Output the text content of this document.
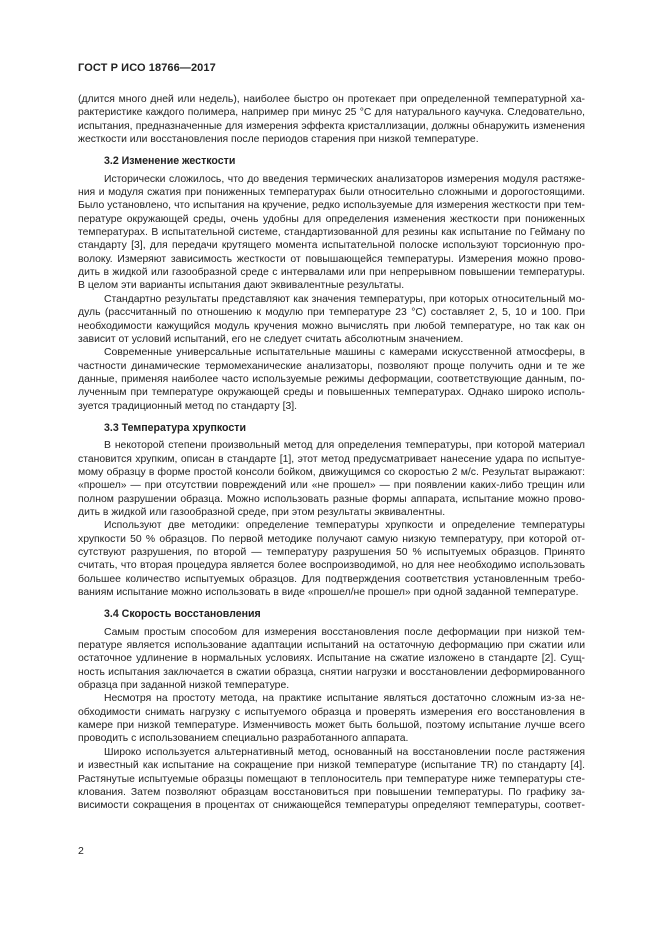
ГОСТ Р ИСО 18766—2017
(длится много дней или недель), наиболее быстро он протекает при определенной температурной ха-
рактеристике каждого полимера, например при минус 25 °С для натурального каучука. Следовательно,
испытания, предназначенные для измерения эффекта кристаллизации, должны обнаружить изменения
жесткости или восстановления после периодов старения при низкой температуре.
3.2 Изменение жесткости
Исторически сложилось, что до введения термических анализаторов измерения модуля растяже-
ния и модуля сжатия при пониженных температурах были относительно сложными и дорогостоящими.
Было установлено, что испытания на кручение, редко используемые для измерения жесткости при тем-
пературе окружающей среды, очень удобны для определения изменения жесткости при пониженных
температурах. В испытательной системе, стандартизованной для резины как испытание по Гейману по
стандарту [3], для передачи крутящего момента испытательной полоске используют торсионную про-
волоку. Измеряют зависимость жесткости от повышающейся температуры. Измерения можно прово-
дить в жидкой или газообразной среде с интервалами или при непрерывном повышении температуры.
В целом эти варианты испытания дают эквивалентные результаты.
Стандартно результаты представляют как значения температуры, при которых относительный мо-
дуль (рассчитанный по отношению к модулю при температуре 23 °С) составляет 2, 5, 10 и 100. При
необходимости кажущийся модуль кручения можно вычислять при любой температуре, но так как он
зависит от условий испытаний, его не следует считать абсолютным значением.
Современные универсальные испытательные машины с камерами искусственной атмосферы, в
частности динамические термомеханические анализаторы, позволяют проще получить одни и те же
данные, применяя наиболее часто используемые режимы деформации, соответствующие данным, по-
лученным при температуре окружающей среды и повышенных температурах. Однако широко исполь-
зуется традиционный метод по стандарту [3].
3.3 Температура хрупкости
В некоторой степени произвольный метод для определения температуры, при которой материал
становится хрупким, описан в стандарте [1], этот метод предусматривает нанесение удара по испытуе-
мому образцу в форме простой консоли бойком, движущимся со скоростью 2 м/с. Результат выражают:
«прошел» — при отсутствии повреждений или «не прошел» — при появлении каких-либо трещин или
полном разрушении образца. Можно использовать разные формы аппарата, испытание можно прово-
дить в жидкой или газообразной среде, при этом результаты эквивалентны.
Используют две методики: определение температуры хрупкости и определение температуры
хрупкости 50 % образцов. По первой методике получают самую низкую температуру, при которой от-
сутствуют разрушения, по второй — температуру разрушения 50 % испытуемых образцов. Принято
считать, что вторая процедура является более воспроизводимой, но для нее необходимо использовать
большее количество испытуемых образцов. Для подтверждения соответствия установленным требо-
ваниям испытание можно использовать в виде «прошел/не прошел» при одной заданной температуре.
3.4 Скорость восстановления
Самым простым способом для измерения восстановления после деформации при низкой тем-
пературе является использование адаптации испытаний на остаточную деформацию при сжатии или
остаточное удлинение в нормальных условиях. Испытание на сжатие изложено в стандарте [2]. Сущ-
ность испытания заключается в сжатии образца, снятии нагрузки и восстановлении деформированного
образца при заданной низкой температуре.
Несмотря на простоту метода, на практике испытание являться достаточно сложным из-за не-
обходимости снимать нагрузку с испытуемого образца и проверять измерения его восстановления в
камере при низкой температуре. Изменчивость может быть большой, поэтому испытание лучше всего
проводить с использованием специально разработанного аппарата.
Широко используется альтернативный метод, основанный на восстановлении после растяжения
и известный как испытание на сокращение при низкой температуре (испытание TR) по стандарту [4].
Растянутые испытуемые образцы помещают в теплоноситель при температуре ниже температуры сте-
клования. Затем позволяют образцам восстановиться при повышении температуры. По графику за-
висимости сокращения в процентах от снижающейся температуры определяют температуры, соответ-
2
